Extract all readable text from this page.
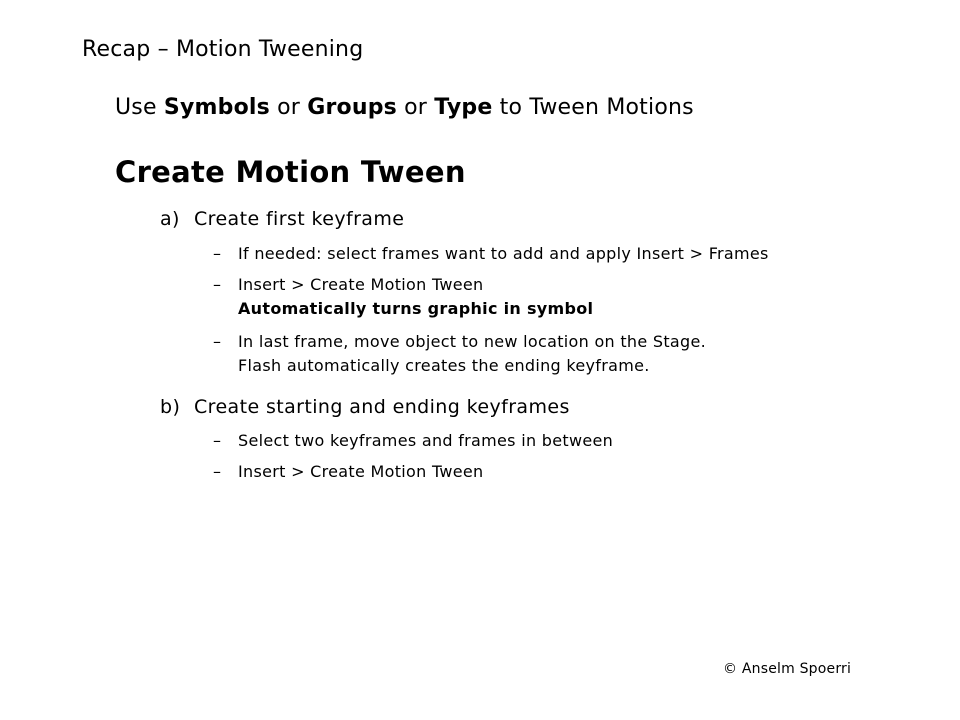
Recap – Motion Tweening
Use Symbols or Groups or Type to Tween Motions
Create Motion Tween
a) Create first keyframe
– If needed: select frames want to add and apply Insert > Frames
– Insert > Create Motion Tween
Automatically turns graphic in symbol
– In last frame, move object to new location on the Stage.
Flash automatically creates the ending keyframe.
b) Create starting and ending keyframes
– Select two keyframes and frames in between
– Insert > Create Motion Tween
© Anselm Spoerri
